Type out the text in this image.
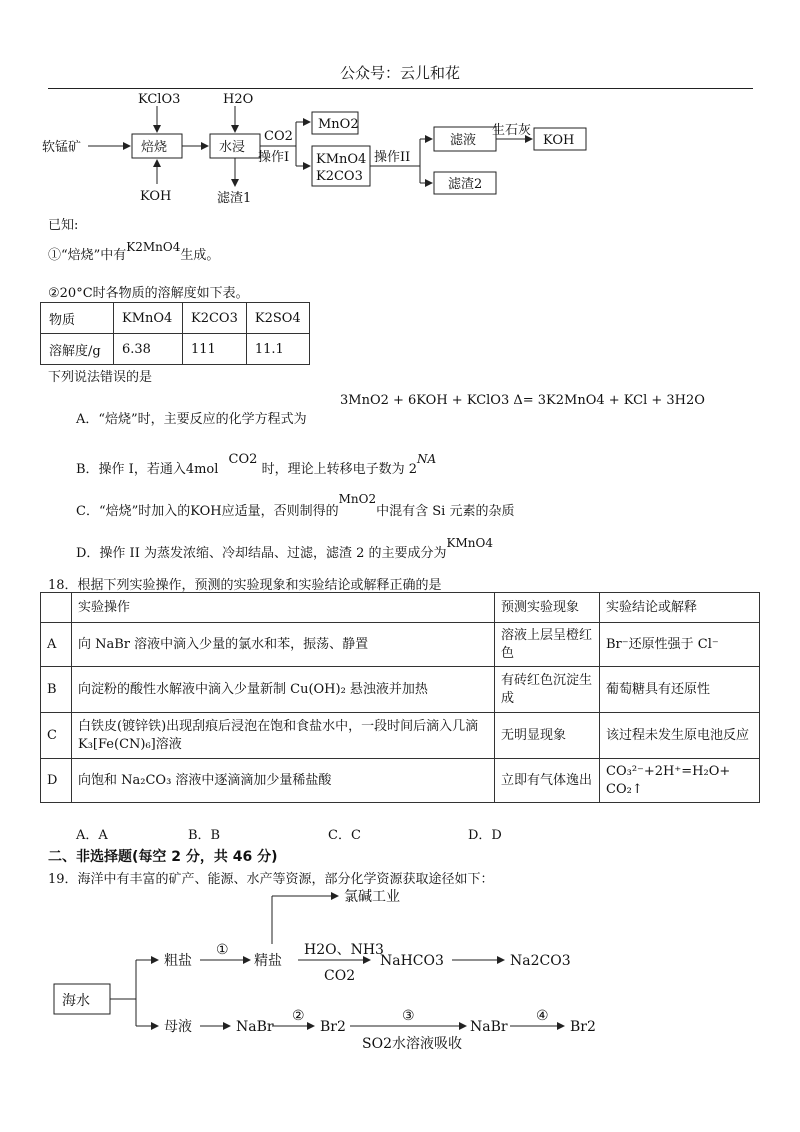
公众号：云儿和花
软锰矿
KClO3
KOH
焙烧
H2O
水浸
滤渣1
CO2
操作I
MnO2
KMnO4
K2CO3
操作II
滤液
生石灰
KOH
滤渣2
已知:
①“焙烧”中有K2MnO4生成。
②20°C时各物质的溶解度如下表。
物质	KMnO4	K2CO3	K2SO4
溶解度/g	6.38	111	11.1
下列说法错误的是
3MnO2 + 6KOH + KClO3 Δ= 3K2MnO4 + KCl + 3H2O
A．“焙烧”时，主要反应的化学方程式为
B．操作 I，若通入4mol CO2 时，理论上转移电子数为 2NA
C．“焙烧”时加入的KOH应适量，否则制得的MnO2中混有含 Si 元素的杂质
D．操作 II 为蒸发浓缩、冷却结晶、过滤，滤渣 2 的主要成分为KMnO4
18．根据下列实验操作，预测的实验现象和实验结论或解释正确的是
	实验操作	预测实验现象	实验结论或解释
A	向 NaBr 溶液中滴入少量的氯水和苯，振荡、静置	溶液上层呈橙红色	Br⁻还原性强于 Cl⁻
B	向淀粉的酸性水解液中滴入少量新制 Cu(OH)₂ 悬浊液并加热	有砖红色沉淀生成	葡萄糖具有还原性
C	白铁皮(镀锌铁)出现刮痕后浸泡在饱和食盐水中，一段时间后滴入几滴 K₃[Fe(CN)₆]溶液	无明显现象	该过程未发生原电池反应
D	向饱和 Na₂CO₃ 溶液中逐滴滴加少量稀盐酸	立即有气体逸出	CO₃²⁻+2H⁺=H₂O+ CO₂↑
A．A	B．B	C．C	D．D
二、非选择题(每空 2 分，共 46 分)
19．海洋中有丰富的矿产、能源、水产等资源，部分化学资源获取途径如下：
海水
粗盐
①
精盐
氯碱工业
H2O、NH3
CO2
NaHCO3	Na2CO3
母液	NaBr
②
Br2
③
SO2水溶液吸收
NaBr
④
Br2
